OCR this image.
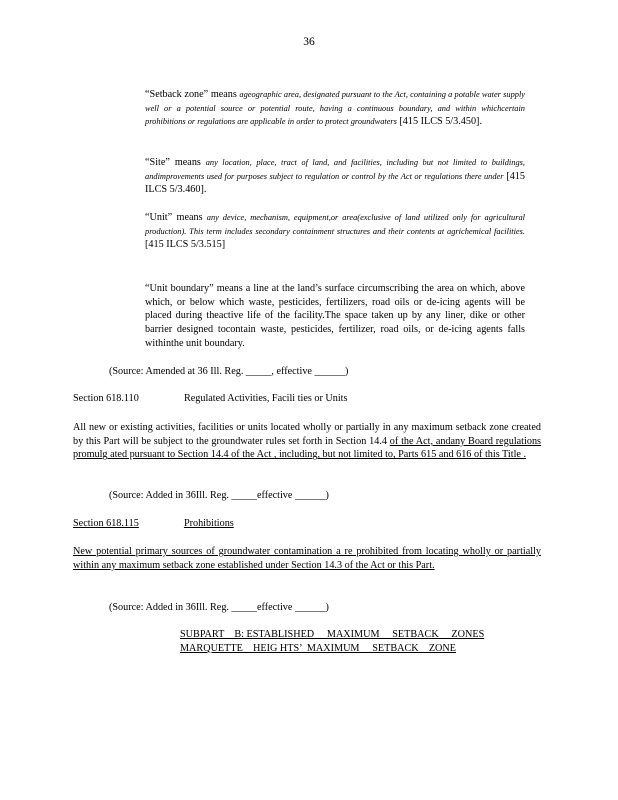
36
“Setback zone” means ageographic area, designated pursuant to the Act, containing a potable water supply well or a potential source or potential route, having a continuous boundary, and within whichcertain prohibitions or regulations are applicable in order to protect groundwaters [415 ILCS 5/3.450].
“Site” means any location, place, tract of land, and facilities, including but not limited to buildings, andimprovements used for purposes subject to regulation or control by the Act or regulations there under [415 ILCS 5/3.460].
“Unit” means any device, mechanism, equipment,or area(exclusive of land utilized only for agricultural production). This term includes secondary containment structures and their contents at agrichemical facilities. [415 ILCS 5/3.515]
“Unit boundary” means a line at the land’s surface circumscribing the area on which, above which, or below which waste, pesticides, fertilizers, road oils or de-icing agents will be placed during theactive life of the facility.The space taken up by any liner, dike or other barrier designed tocontain waste, pesticides, fertilizer, road oils, or de-icing agents falls withinthe unit boundary.
(Source: Amended at 36 Ill. Reg. _____, effective ______)
Section 618.110	Regulated Activities, Facili ties or Units
All new or existing activities, facilities or units located wholly or partially in any maximum setback zone created by this Part will be subject to the groundwater rules set forth in Section 14.4 of the Act, andany Board regulations promulg ated pursuant to Section 14.4 of the Act , including, but not limited to, Parts 615 and 616 of this Title .
(Source: Added in 36Ill. Reg. _____effective ______)
Section 618.115	Prohibitions
New potential primary sources of groundwater contamination a re prohibited from locating wholly or partially within any maximum setback zone established under Section 14.3 of the Act or this Part.
(Source: Added in 36Ill. Reg. _____effective ______)
SUBPART    B: ESTABLISHED     MAXIMUM     SETBACK     ZONES
MARQUETTE    HEIG HTS’  MAXIMUM     SETBACK    ZONE
